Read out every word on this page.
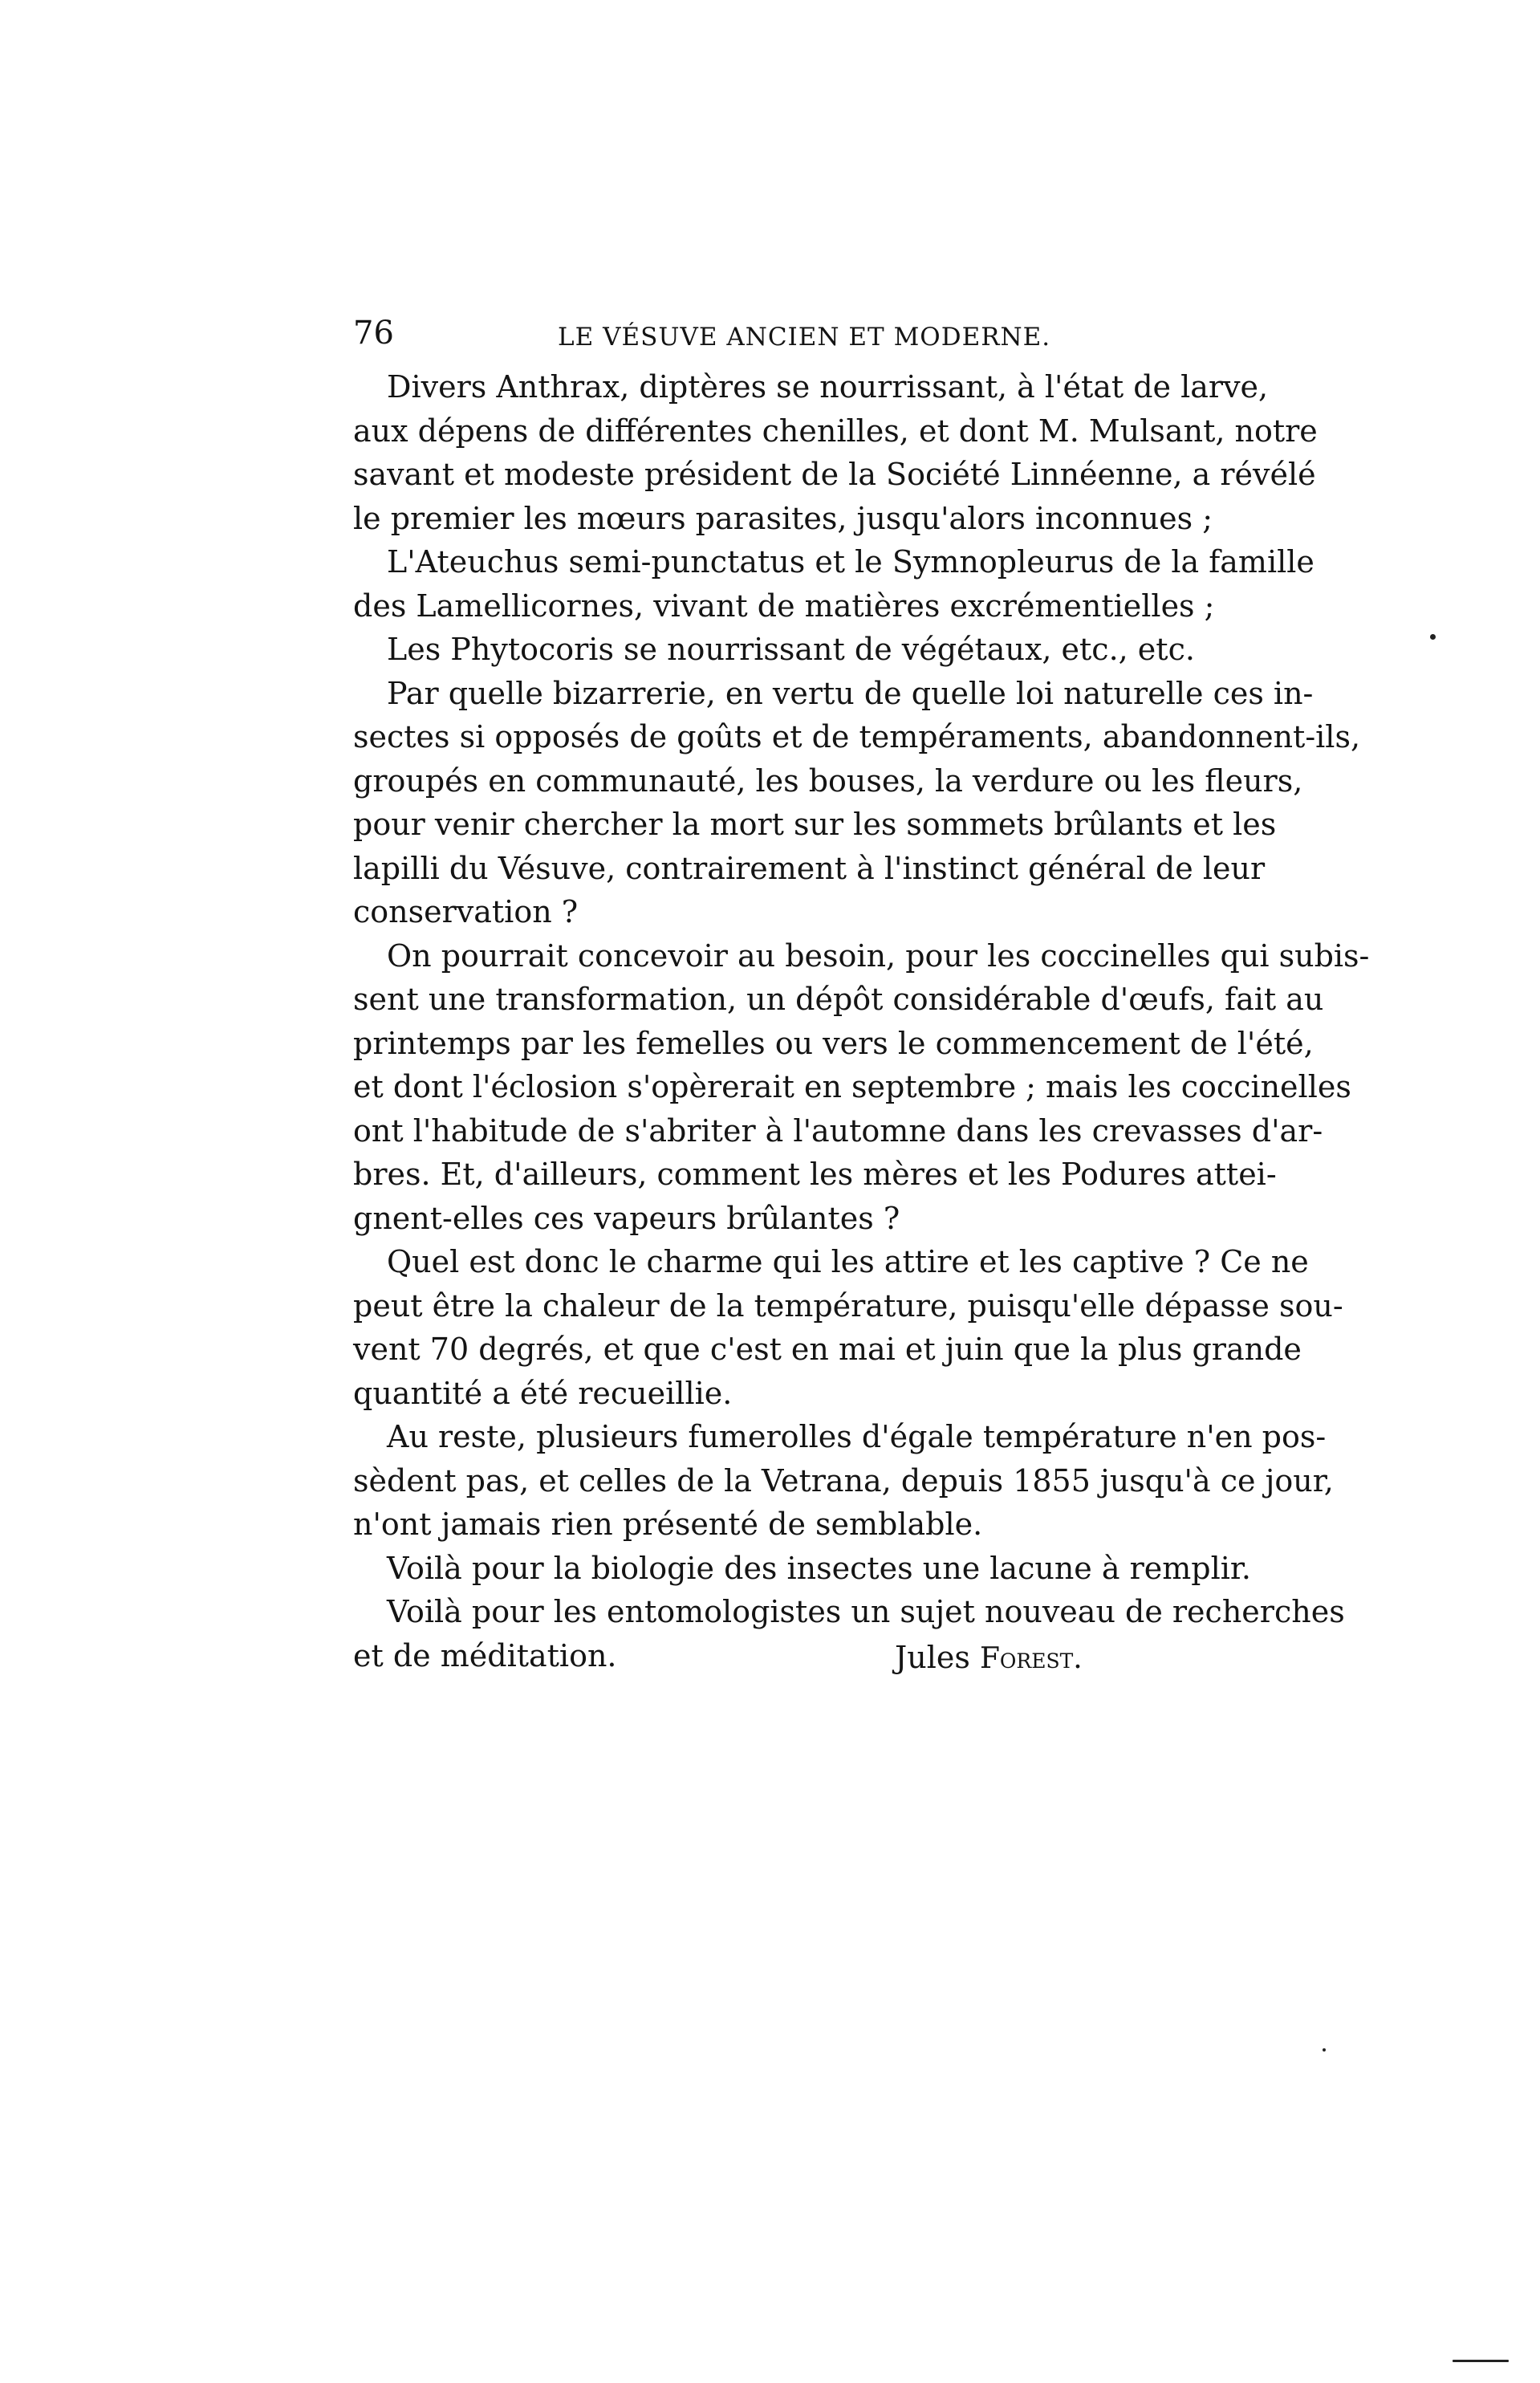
76	LE VÉSUVE ANCIEN ET MODERNE.
Divers Anthrax, diptères se nourrissant, à l'état de larve,
aux dépens de différentes chenilles, et dont M. Mulsant, notre
savant et modeste président de la Société Linnéenne, a révélé
le premier les mœurs parasites, jusqu'alors inconnues ;
L'Ateuchus semi-punctatus et le Symnopleurus de la famille
des Lamellicornes, vivant de matières excrémentielles ;
Les Phytocoris se nourrissant de végétaux, etc., etc.
Par quelle bizarrerie, en vertu de quelle loi naturelle ces in-
sectes si opposés de goûts et de tempéraments, abandonnent-ils,
groupés en communauté, les bouses, la verdure ou les fleurs,
pour venir chercher la mort sur les sommets brûlants et les
lapilli du Vésuve, contrairement à l'instinct général de leur
conservation ?
On pourrait concevoir au besoin, pour les coccinelles qui subis-
sent une transformation, un dépôt considérable d'œufs, fait au
printemps par les femelles ou vers le commencement de l'été,
et dont l'éclosion s'opèrerait en septembre ; mais les coccinelles
ont l'habitude de s'abriter à l'automne dans les crevasses d'ar-
bres. Et, d'ailleurs, comment les mères et les Podures attei-
gnent-elles ces vapeurs brûlantes ?
Quel est donc le charme qui les attire et les captive ? Ce ne
peut être la chaleur de la température, puisqu'elle dépasse sou-
vent 70 degrés, et que c'est en mai et juin que la plus grande
quantité a été recueillie.
Au reste, plusieurs fumerolles d'égale température n'en pos-
sèdent pas, et celles de la Vetrana, depuis 1855 jusqu'à ce jour,
n'ont jamais rien présenté de semblable.
Voilà pour la biologie des insectes une lacune à remplir.
Voilà pour les entomologistes un sujet nouveau de recherches
et de méditation.	Jules Forest.
